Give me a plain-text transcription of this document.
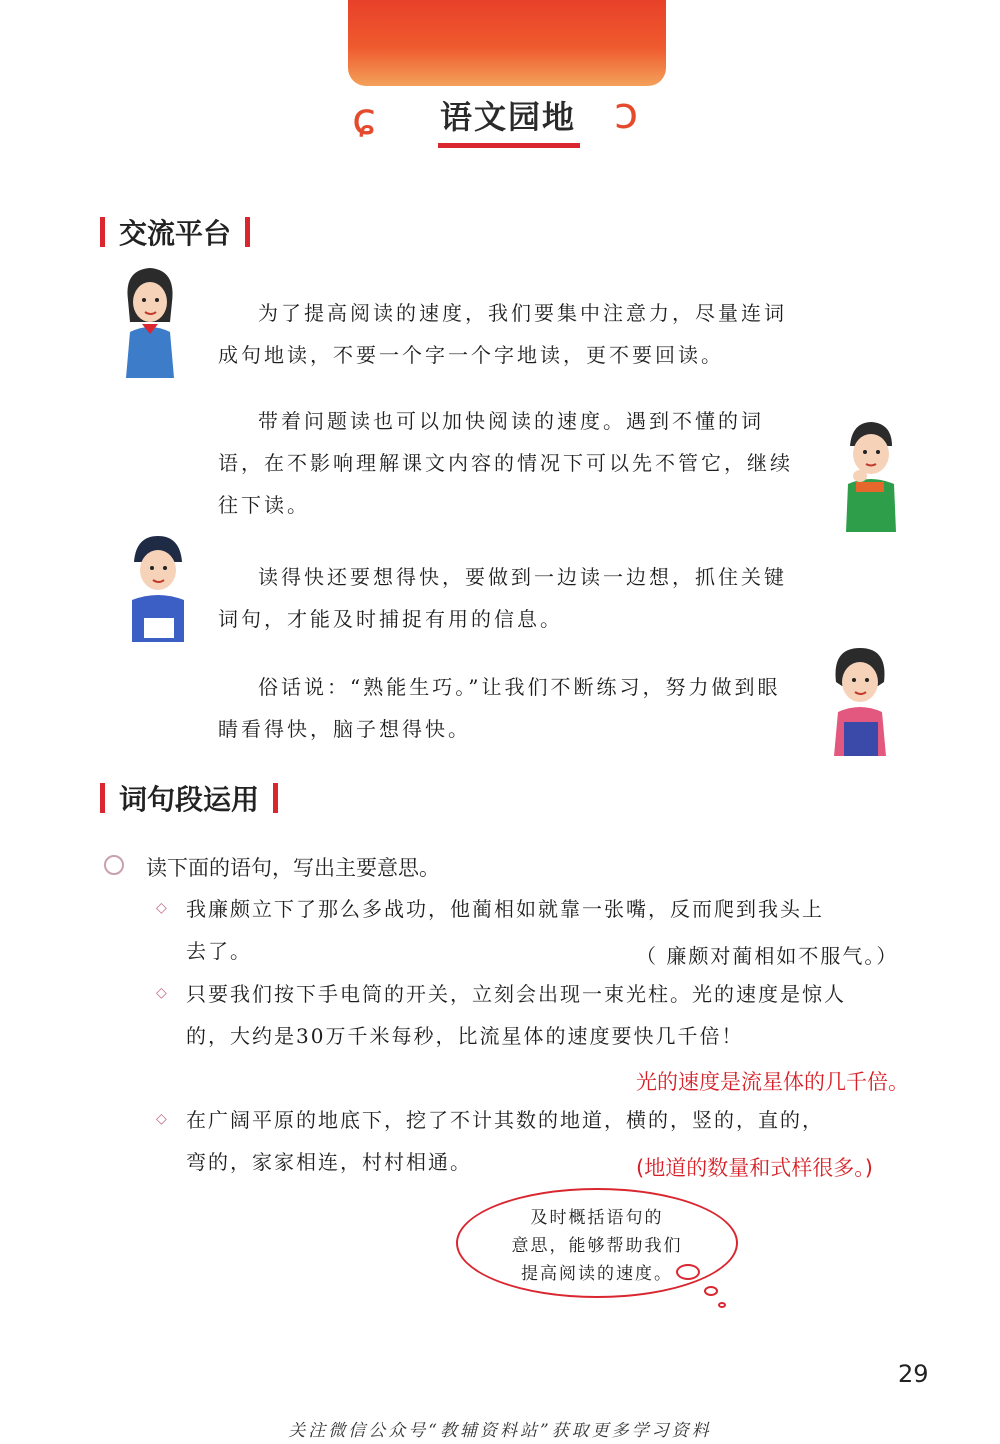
ɕ	ↄ
语文园地
交流平台
为了提高阅读的速度，我们要集中注意力，尽量连词成句地读，不要一个字一个字地读，更不要回读。
带着问题读也可以加快阅读的速度。遇到不懂的词语，在不影响理解课文内容的情况下可以先不管它，继续往下读。
读得快还要想得快，要做到一边读一边想，抓住关键词句，才能及时捕捉有用的信息。
俗话说：“熟能生巧。”让我们不断练习，努力做到眼睛看得快，脑子想得快。
词句段运用
读下面的语句，写出主要意思。
◇ 我廉颇立下了那么多战功，他蔺相如就靠一张嘴，反而爬到我头上
去了。	（ 廉颇对蔺相如不服气。）
◇ 只要我们按下手电筒的开关，立刻会出现一束光柱。光的速度是惊人
的，大约是30万千米每秒，比流星体的速度要快几千倍！
光的速度是流星体的几千倍。
◇ 在广阔平原的地底下，挖了不计其数的地道，横的，竖的，直的，
弯的，家家相连，村村相通。	(地道的数量和式样很多。)
及时概括语句的
意思，能够帮助我们
提高阅读的速度。
29
关注微信公众号“教辅资料站”获取更多学习资料
